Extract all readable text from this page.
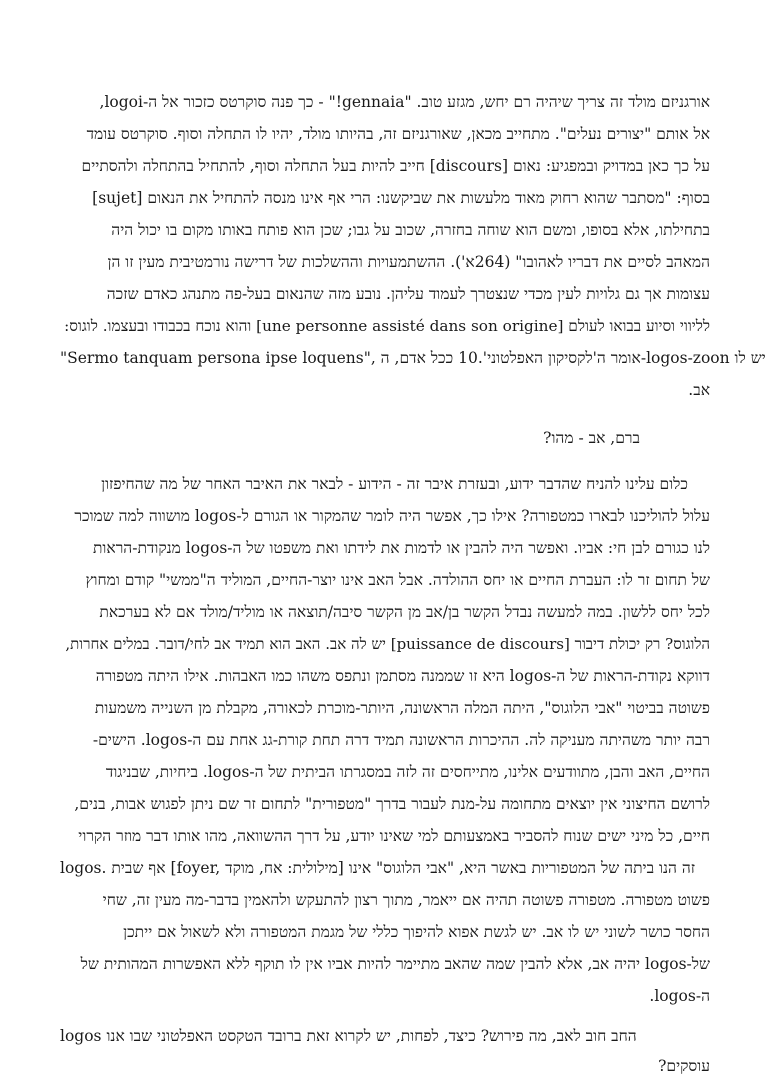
אורגניזם מולד זה צריך שיהיה רם יחש, מגזע טוב. "gennaia!" - כך פנה סוקרטס כזכור אל ה-logoi,
אל אותם "יצורים נעלים". מתחייב מכאן, שאורגניזם זה, בהיותו מולד, יהיו לו התחלה וסוף. סוקרטס עומד
על כך כאן במדויק ובמפגיע: נאום [discours] חייב להיות בעל התחלה וסוף, להתחיל בהתחלה ולהסתיים
בסוף: "מסתבר שהוא רחוק מאוד מלעשות את שביקשנו: הרי אף אינו מנסה להתחיל את הנאום [sujet]
בתחילתו, אלא בסופו, ומשם הוא שוחה בחזרה, שכוב על גבו; שכן הוא פותח באותו מקום בו יכול היה
המאהב לסיים את דבריו לאהובו" (264א'). ההשתמעויות וההשלכות של דרישה נורמטיבית מעין זו הן
עצומות אך גם גלויות לעין מכדי שנצטרך לעמוד עליהן. נובע מזה שהנאום בעל-פה מתנהג כאדם שזכה
לליווי וסיוע בבואו לעולם [une personne assisté dans son origine] והוא נוכח בכבודו ובעצמו. לוגוס:
"Sermo tanquam persona ipse loquens", אומר ה'לקסיקון האפלטוני'.10 ככל אדם, ה-logos-zoon יש לו
אב.
ברם, אב - מהו?
כלום עלינו להניח שהדבר ידוע, ובעזרת איבר זה - הידוע - לבאר את האיבר האחר של מה שהחיפזון
עלול להוליכנו לבארו כמטפורה? אילו כך, אפשר היה לומר שהמקור או הגורם ל-logos מושווה למה שמוכר
לנו כגורם לבן חי: אביו. ואפשר היה להבין או לדמות את לידתו ואת משפטו של ה-logos מנקודת-הראות
של תחום זר לו: העברת החיים או יחס ההולדה. אבל האב אינו יוצר-החיים, המוליד ה"ממשי" קודם ומחוץ
לכל יחס ללשון. במה למעשה נבדל הקשר בן/אב מן הקשר סיבה/תוצאה או מוליד/מולד אם לא בערכאת
הלוגוס? רק יכולת דיבור [puissance de discours] יש לה אב. האב הוא תמיד אב לחי/דובר. במלים אחרות,
דווקא נקודת-הראות של ה-logos היא זו שממנה מסתמן ונתפס משהו כמו האבהות. אילו היתה מטפורה
פשוטה בביטוי "אבי הלוגוס", היתה המלה הראשונה, היותר-מוכרת לכאורה, מקבלת מן השנייה משמעות
רבה יותר משהיתה מעניקה לה. ההיכרות הראשונה תמיד דרה תחת קורת-גג אחת עם ה-logos. הישים-
החיים, האב והבן, מתוודעים אלינו, מתייחסים זה לזה במסגרתו הביתית של ה-logos. ביחיות, שבניגוד
לרושם החיצוני אין יוצאים מתחומה על-מנת לעבור בדרך "מטפורית" לתחום זר שם ניתן לפגוש אבות, בנים,
חיים, כל מיני ישים שנוח להסביר באמצעותם למי שאינו יודע, על דרך ההשוואה, מהו אותו דבר מוזר הקרוי
logos. אף שבית [foyer, מילולית: אח, מוקד] זה הנו ביתה של המטפוריות באשר היא, "אבי הלוגוס" אינו
פשוט מטפורה. מטפורה פשוטה תהיה אם ייאמר, מתוך רצון להתעקש ולהאמין בדבר-מה מעין זה, שחי
החסר כושר לשוני יש לו אב. יש לגשת אפוא להיפוך כללי של מגמת המטפורה ולא לשאול אם ייתכן
של-logos יהיה אב, אלא להבין שמה שהאב מתיימר להיות אביו אין לו תוקף ללא האפשרות המהותית של
ה-logos.
logos החב חוב לאב, מה פירוש? כיצד, לפחות, יש לקרוא זאת ברובד הטקסט האפלטוני שבו אנו
עוסקים?
